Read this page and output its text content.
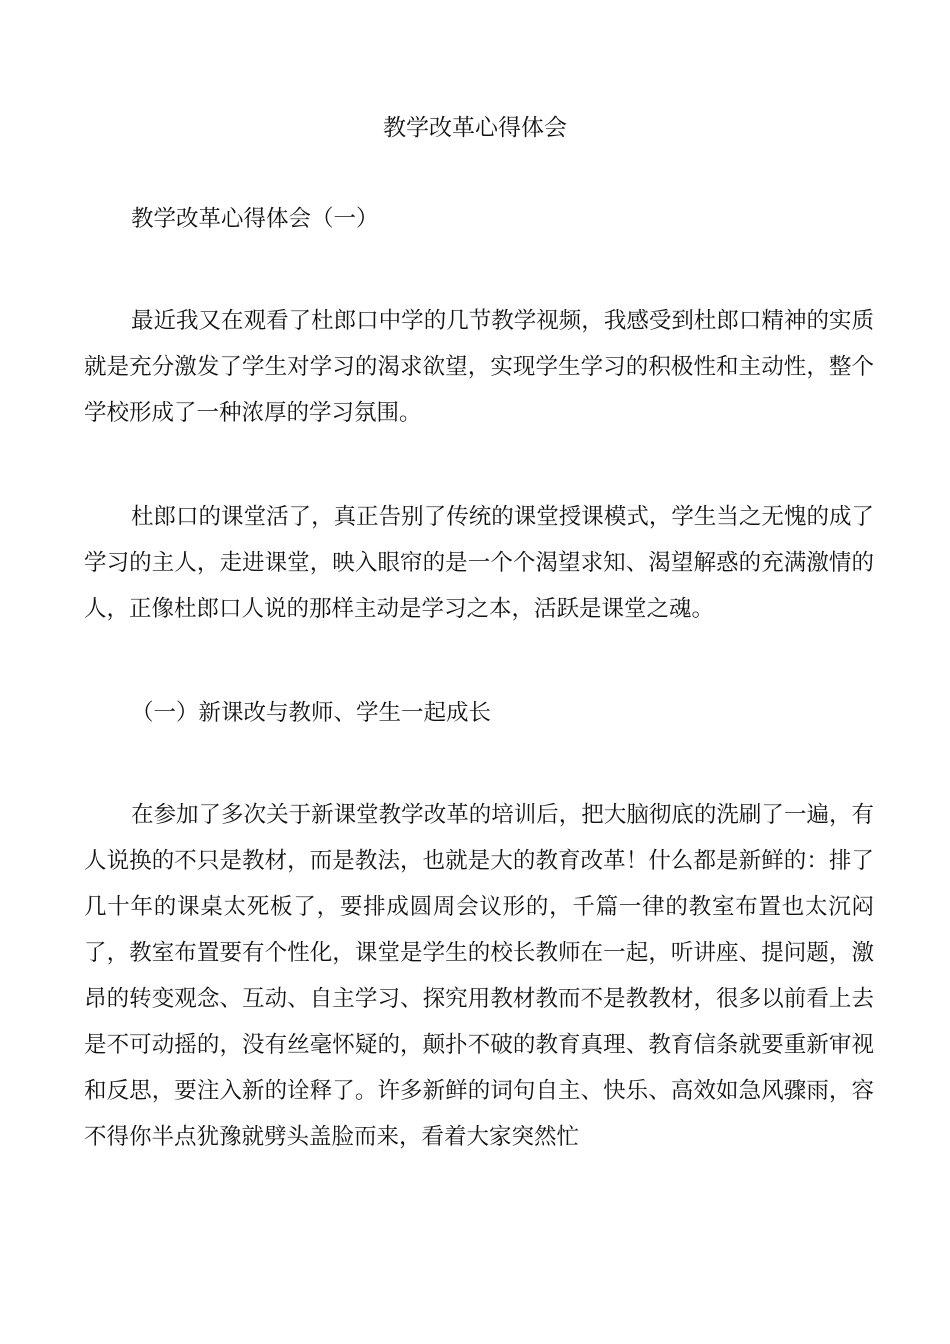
教学改革心得体会

教学改革心得体会（一）

最近我又在观看了杜郎口中学的几节教学视频，我感受到杜郎口精神的实质就是充分激发了学生对学习的渴求欲望，实现学生学习的积极性和主动性，整个学校形成了一种浓厚的学习氛围。

杜郎口的课堂活了，真正告别了传统的课堂授课模式，学生当之无愧的成了学习的主人，走进课堂，映入眼帘的是一个个渴望求知、渴望解惑的充满激情的人，正像杜郎口人说的那样主动是学习之本，活跃是课堂之魂。

（一）新课改与教师、学生一起成长

在参加了多次关于新课堂教学改革的培训后，把大脑彻底的洗刷了一遍，有人说换的不只是教材，而是教法，也就是大的教育改革！什么都是新鲜的：排了几十年的课桌太死板了，要排成圆周会议形的，千篇一律的教室布置也太沉闷了，教室布置要有个性化，课堂是学生的校长教师在一起，听讲座、提问题，激昂的转变观念、互动、自主学习、探究用教材教而不是教教材，很多以前看上去是不可动摇的，没有丝毫怀疑的，颠扑不破的教育真理、教育信条就要重新审视和反思，要注入新的诠释了。许多新鲜的词句自主、快乐、高效如急风骤雨，容不得你半点犹豫就劈头盖脸而来，看着大家突然忙
